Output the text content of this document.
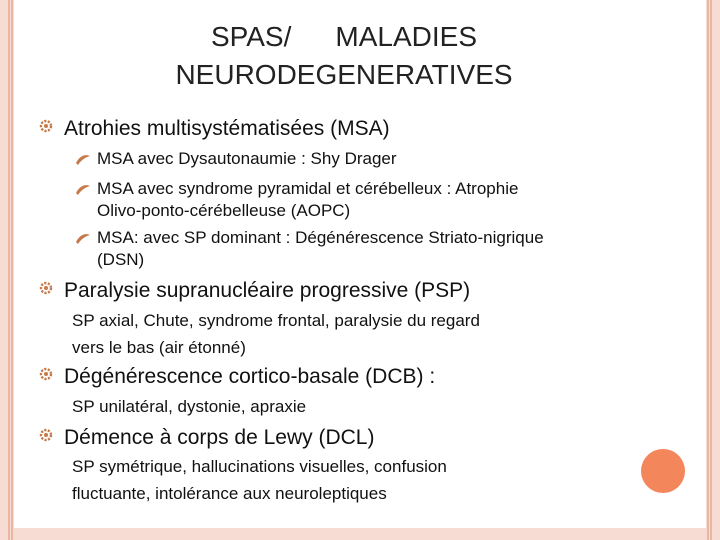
SPAS/ MALADIES
NEURODEGENERATIVES
Atrohies multisystématisées (MSA)
MSA avec Dysautonaumie : Shy Drager
MSA avec syndrome pyramidal et cérébelleux : Atrophie
Olivo-ponto-cérébelleuse (AOPC)
MSA: avec SP dominant : Dégénérescence Striato-nigrique
(DSN)
Paralysie supranucléaire progressive (PSP)
SP axial, Chute, syndrome frontal, paralysie du regard
vers le bas (air étonné)
Dégénérescence cortico-basale (DCB) :
SP unilatéral, dystonie, apraxie
Démence à corps de Lewy (DCL)
SP symétrique, hallucinations visuelles, confusion
fluctuante, intolérance aux neuroleptiques
